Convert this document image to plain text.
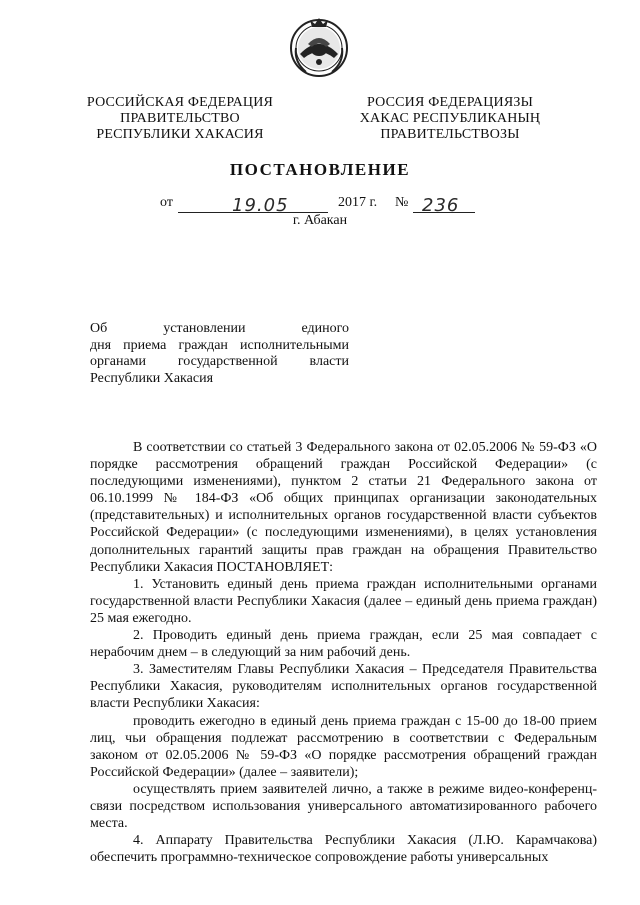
РОССИЙСКАЯ ФЕДЕРАЦИЯ
ПРАВИТЕЛЬСТВО
РЕСПУБЛИКИ ХАКАСИЯ
РОССИЯ ФЕДЕРАЦИЯЗЫ
ХАКАС РЕСПУБЛИКАНЫҢ
ПРАВИТЕЛЬСТВОЗЫ
ПОСТАНОВЛЕНИЕ
от	19.05	2017 г. № 236
г. Абакан
Об установлении единого
дня приема граждан исполнительными
органами государственной власти
Республики Хакасия

В соответствии со статьей 3 Федерального закона от 02.05.2006 № 59-ФЗ «О порядке рассмотрения обращений граждан Российской Федерации» (с последующими изменениями), пунктом 2 статьи 21 Федерального закона от 06.10.1999 № 184-ФЗ «Об общих принципах организации законодательных (представительных) и исполнительных органов государственной власти субъектов Российской Федерации» (с последующими изменениями), в целях установления дополнительных гарантий защиты прав граждан на обращения Правительство Республики Хакасия ПОСТАНОВЛЯЕТ:

1. Установить единый день приема граждан исполнительными органами государственной власти Республики Хакасия (далее – единый день приема граждан) 25 мая ежегодно.

2. Проводить единый день приема граждан, если 25 мая совпадает с нерабочим днем – в следующий за ним рабочий день.

3. Заместителям Главы Республики Хакасия – Председателя Правительства Республики Хакасия, руководителям исполнительных органов государственной власти Республики Хакасия:

проводить ежегодно в единый день приема граждан с 15-00 до 18-00 прием лиц, чьи обращения подлежат рассмотрению в соответствии с Федеральным законом от 02.05.2006 № 59-ФЗ «О порядке рассмотрения обращений граждан Российской Федерации» (далее – заявители);

осуществлять прием заявителей лично, а также в режиме видео-конференц-связи посредством использования универсального автоматизированного рабочего места.

4. Аппарату Правительства Республики Хакасия (Л.Ю. Карамчакова) обеспечить программно-техническое сопровождение работы универсальных
